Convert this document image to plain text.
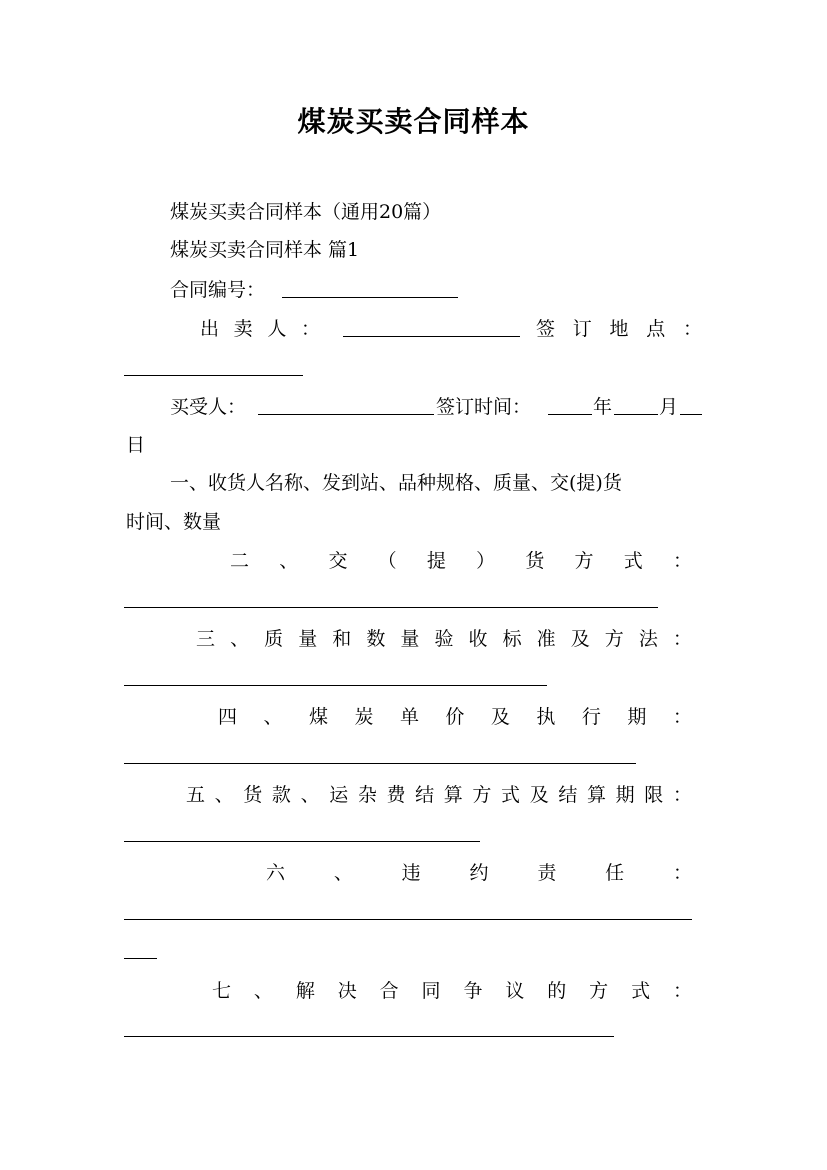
煤炭买卖合同样本
煤炭买卖合同样本（通用20篇）
煤炭买卖合同样本 篇1
合同编号：
出 卖 人 ：	签 订 地 点 ：
买受人：	签订时间：	年 月
日
一、收货人名称、发到站、品种规格、质量、交(提)货
时间、数量
二 、 交 （ 提 ） 货 方 式 ：
三 、 质 量 和 数 量 验 收 标 准 及 方 法 ：
四 、 煤 炭 单 价 及 执 行 期 ：
五 、 货 款 、 运 杂 费 结 算 方 式 及 结 算 期 限 ：
六	、	违	约	责	任	：
七 、 解 决 合 同 争 议 的 方 式 ：
